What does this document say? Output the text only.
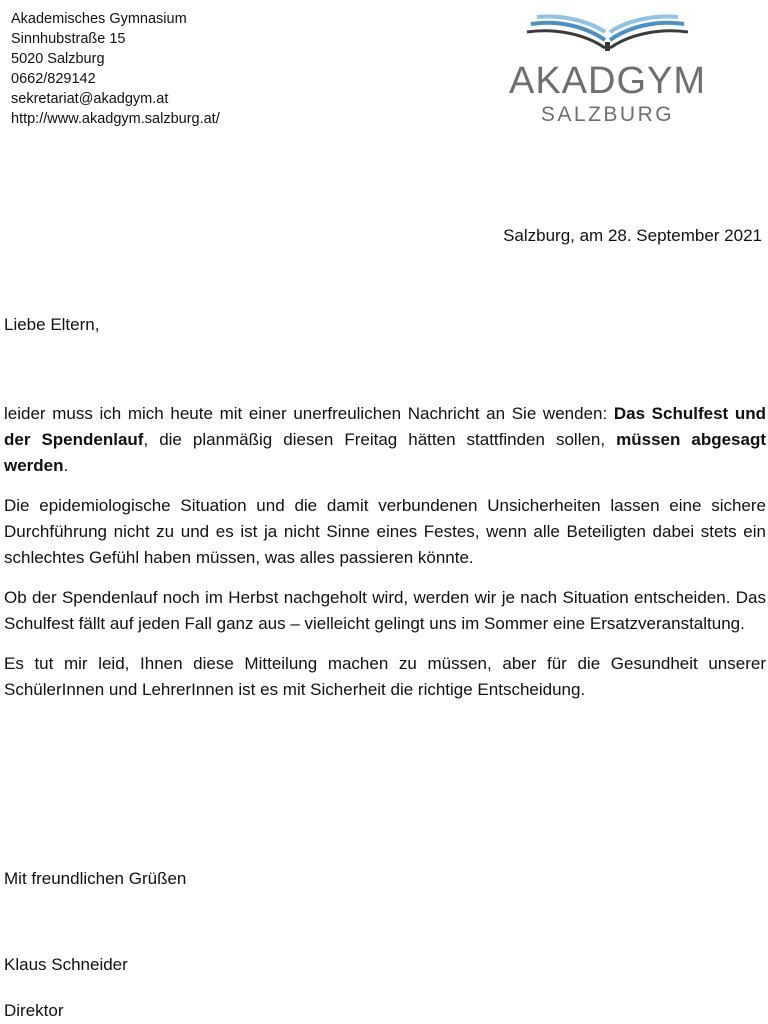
Akademisches Gymnasium
Sinnhubstraße 15
5020 Salzburg
0662/829142
sekretariat@akadgym.at
http://www.akadgym.salzburg.at/
AKADGYM
SALZBURG
Salzburg, am 28. September 2021
Liebe Eltern,

leider muss ich mich heute mit einer unerfreulichen Nachricht an Sie wenden: Das Schulfest und der Spendenlauf, die planmäßig diesen Freitag hätten stattfinden sollen, müssen abgesagt werden.

Die epidemiologische Situation und die damit verbundenen Unsicherheiten lassen eine sichere Durchführung nicht zu und es ist ja nicht Sinne eines Festes, wenn alle Beteiligten dabei stets ein schlechtes Gefühl haben müssen, was alles passieren könnte.

Ob der Spendenlauf noch im Herbst nachgeholt wird, werden wir je nach Situation entscheiden. Das Schulfest fällt auf jeden Fall ganz aus – vielleicht gelingt uns im Sommer eine Ersatzveranstaltung.

Es tut mir leid, Ihnen diese Mitteilung machen zu müssen, aber für die Gesundheit unserer SchülerInnen und LehrerInnen ist es mit Sicherheit die richtige Entscheidung.

Mit freundlichen Grüßen
Klaus Schneider
Direktor
